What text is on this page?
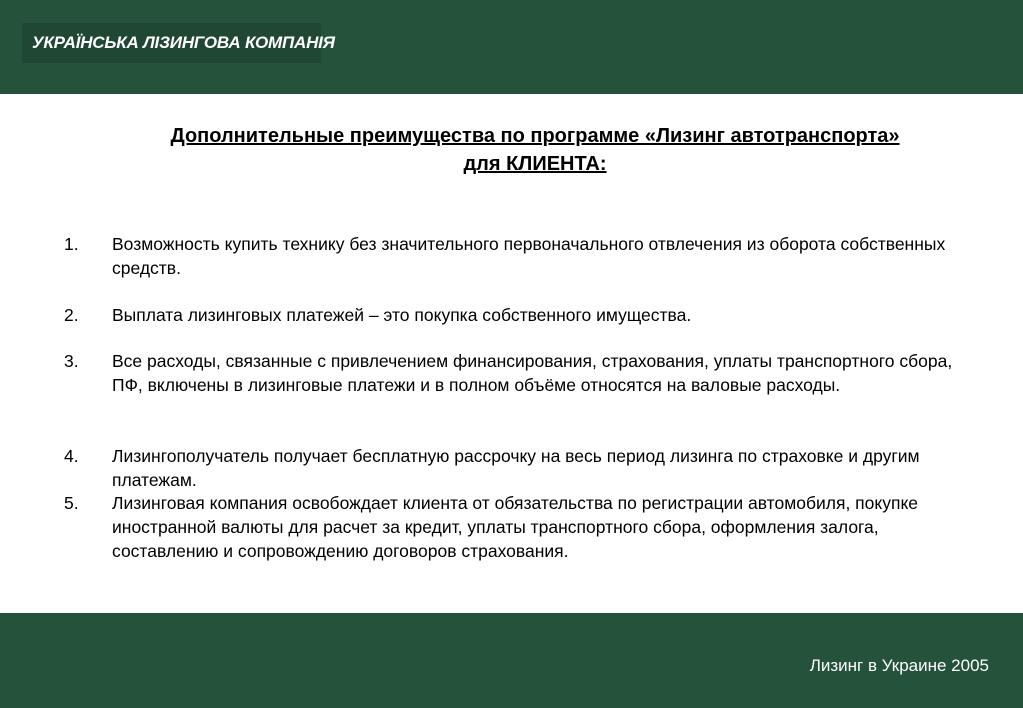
УКРАЇНСЬКА ЛІЗИНГОВА КОМПАНІЯ
Дополнительные преимущества по программе «Лизинг автотранспорта»
для КЛИЕНТА:
1. Возможность купить технику без значительного первоначального отвлечения из оборота собственных средств.
2. Выплата лизинговых платежей – это покупка собственного имущества.
3. Все расходы, связанные с привлечением финансирования, страхования, уплаты транспортного сбора, ПФ, включены в лизинговые платежи и в полном объёме относятся на валовые расходы.
4. Лизингополучатель получает бесплатную рассрочку на весь период лизинга по страховке и другим платежам.
5. Лизинговая компания освобождает клиента от обязательства по регистрации автомобиля, покупке иностранной валюты для расчет за кредит, уплаты транспортного сбора, оформления залога, составлению и сопровождению договоров страхования.
Лизинг в Украине 2005
